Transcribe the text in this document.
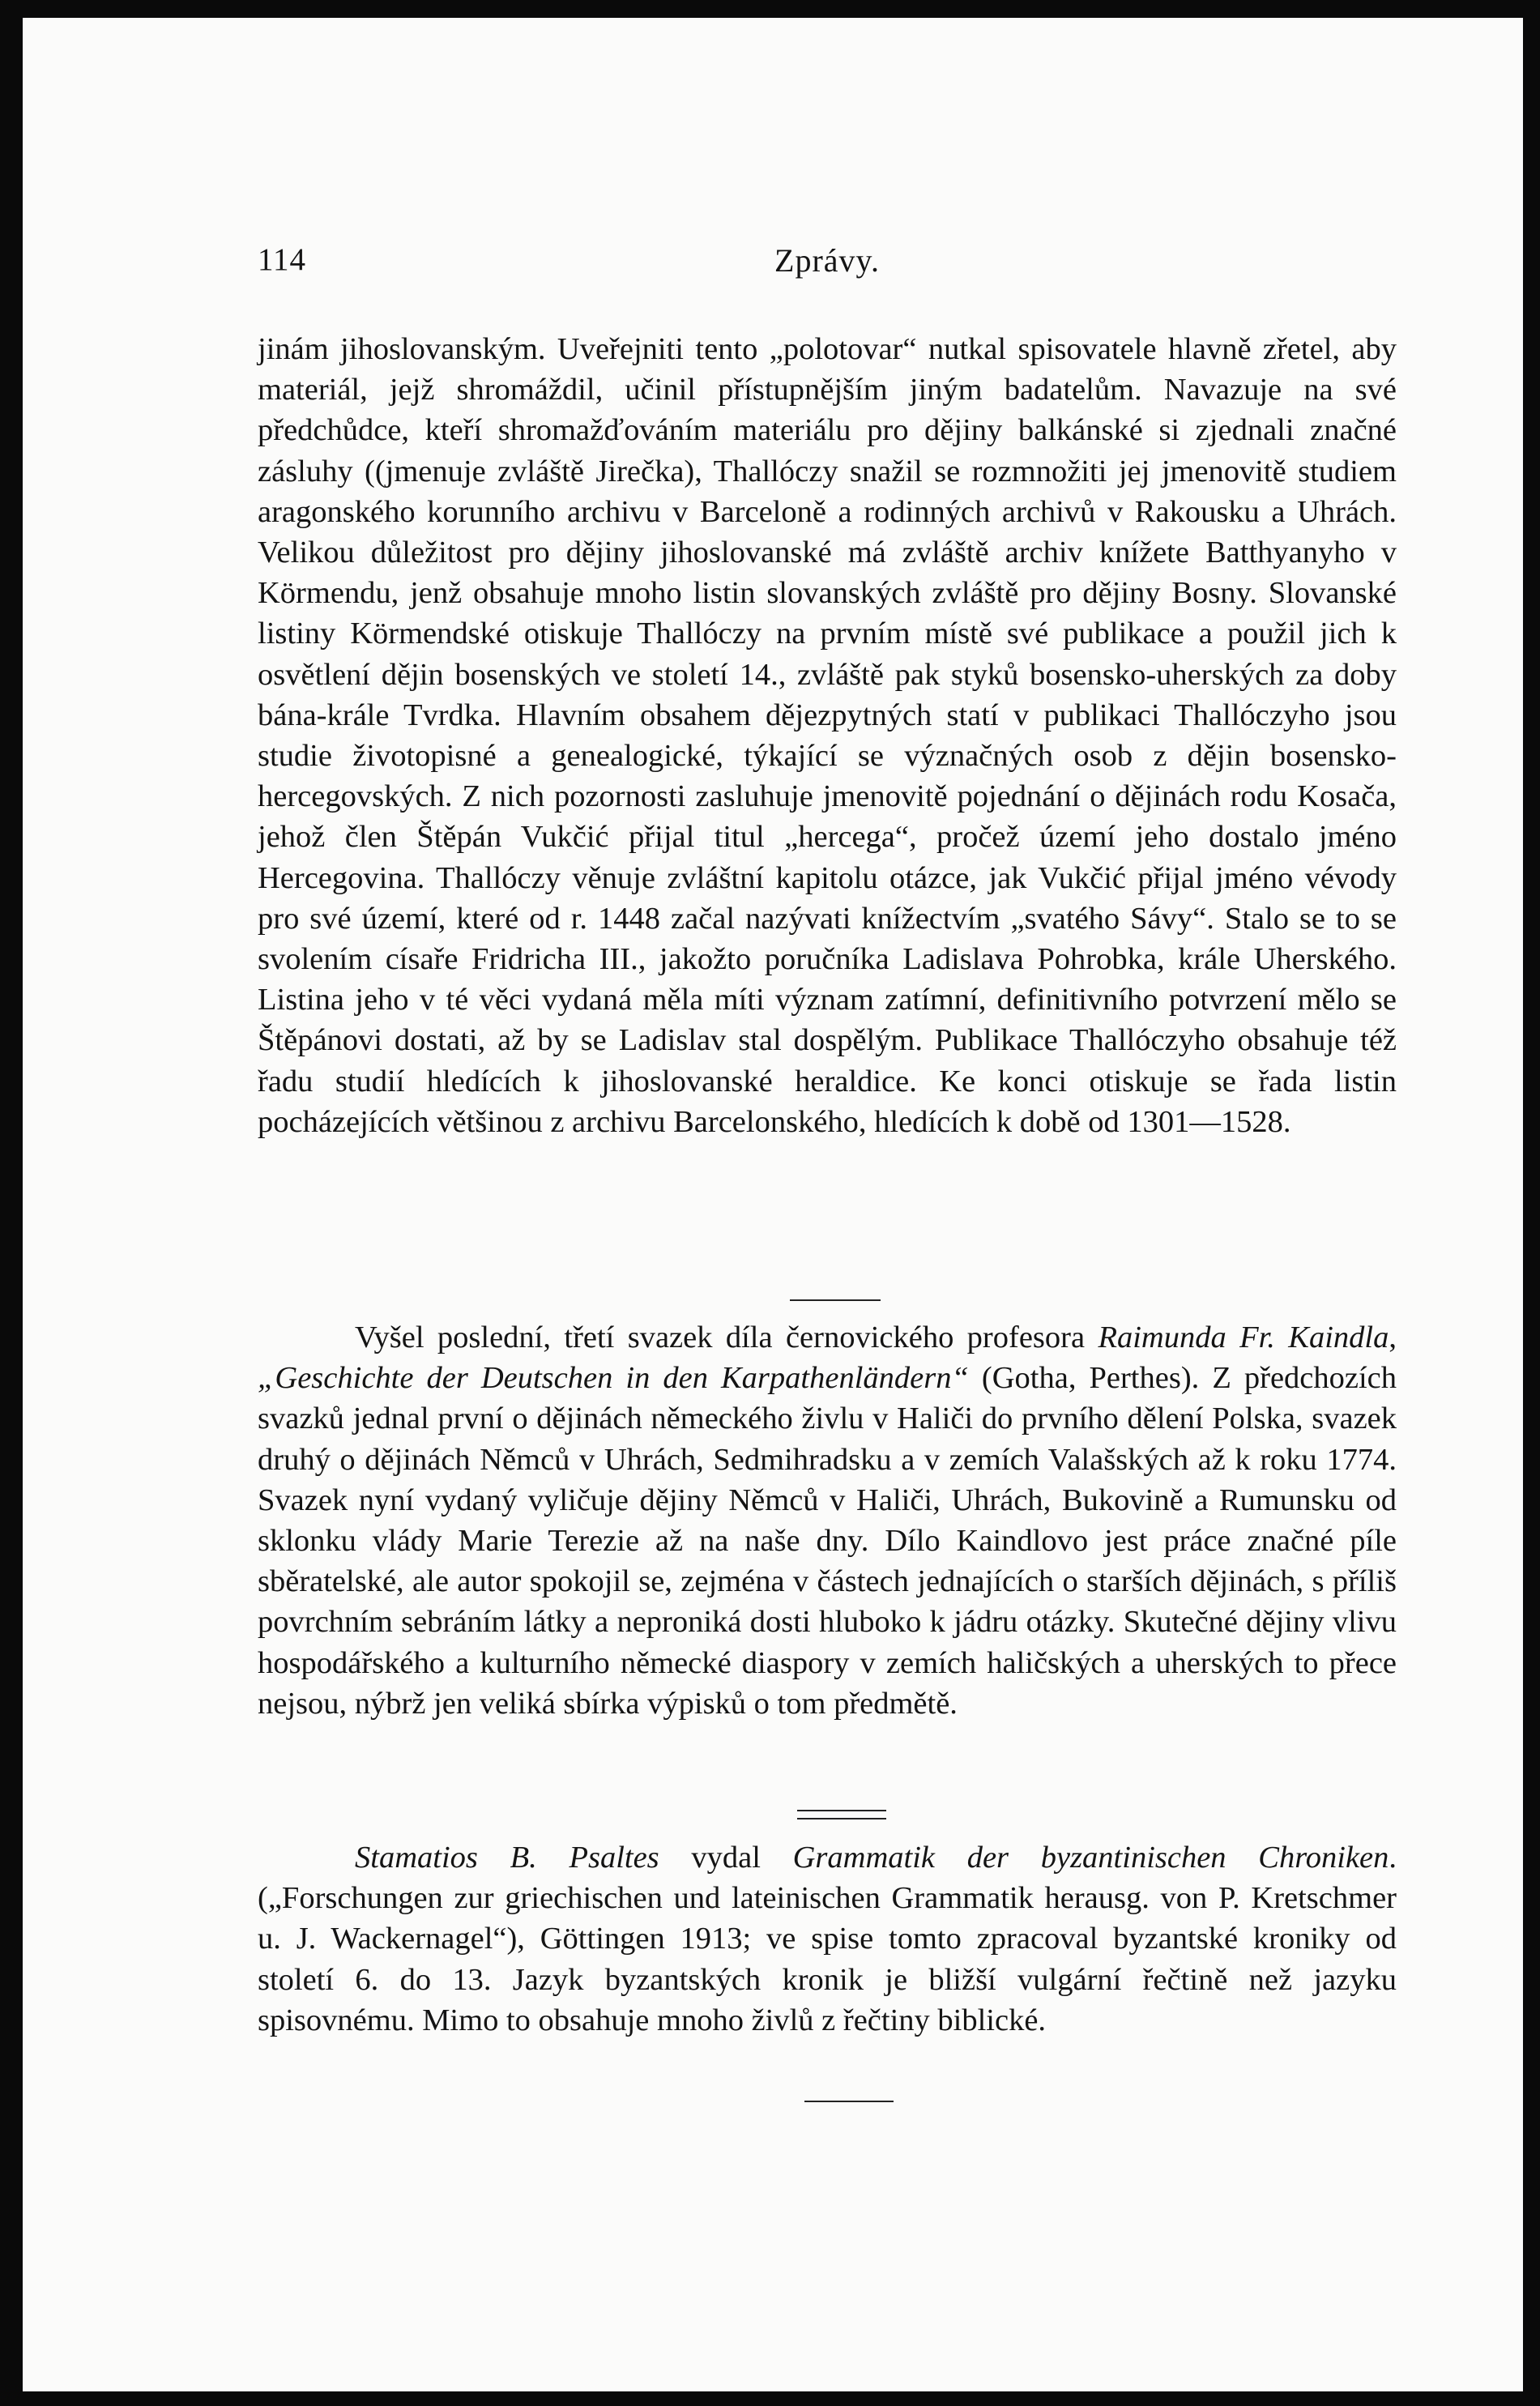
114	Zprávy.

jinám jihoslovanským. Uveřejniti tento „polotovar“ nutkal spisovatele hlavně zřetel, aby materiál, jejž shromáždil, učinil přístupnějším jiným badatelům. Navazuje na své předchůdce, kteří shromažďováním materiálu pro dějiny balkánské si zjednali značné zásluhy ((jmenuje zvláště Jirečka), Thallóczy snažil se rozmnožiti jej jmenovitě studiem aragonského korunního archivu v Barceloně a rodinných archivů v Rakousku a Uhrách. Velikou důležitost pro dějiny jihoslovanské má zvláště archiv knížete Batthyanyho v Körmendu, jenž obsahuje mnoho listin slovanských zvláště pro dějiny Bosny. Slovanské listiny Körmendské otiskuje Thallóczy na prvním místě své publikace a použil jich k osvětlení dějin bosenských ve století 14., zvláště pak styků bosensko-uherských za doby bána-krále Tvrdka. Hlavním obsahem dějezpytných statí v publikaci Thallóczyho jsou studie životopisné a genealogické, týkající se význačných osob z dějin bosensko-hercegovských. Z nich pozornosti zasluhuje jmenovitě pojednání o dějinách rodu Kosača, jehož člen Štěpán Vukčić přijal titul „hercega“, pročež území jeho dostalo jméno Hercegovina. Thallóczy věnuje zvláštní kapitolu otázce, jak Vukčić přijal jméno vévody pro své území, které od r. 1448 začal nazývati knížectvím „svatého Sávy“. Stalo se to se svolením císaře Fridricha III., jakožto poručníka Ladislava Pohrobka, krále Uherského. Listina jeho v té věci vydaná měla míti význam zatímní, definitivního potvrzení mělo se Štěpánovi dostati, až by se Ladislav stal dospělým. Publikace Thallóczyho obsahuje též řadu studií hledících k jihoslovanské heraldice. Ke konci otiskuje se řada listin pocházejících většinou z archivu Barcelonského, hledících k době od 1301—1528.

Vyšel poslední, třetí svazek díla černovického profesora Raimunda Fr. Kaindla, „Geschichte der Deutschen in den Karpathenländern“ (Gotha, Perthes). Z předchozích svazků jednal první o dějinách německého živlu v Haliči do prvního dělení Polska, svazek druhý o dějinách Němců v Uhrách, Sedmihradsku a v zemích Valašských až k roku 1774. Svazek nyní vydaný vyličuje dějiny Němců v Haliči, Uhrách, Bukovině a Rumunsku od sklonku vlády Marie Terezie až na naše dny. Dílo Kaindlovo jest práce značné píle sběratelské, ale autor spokojil se, zejména v částech jednajících o starších dějinách, s příliš povrchním sebráním látky a neproniká dosti hluboko k jádru otázky. Skutečné dějiny vlivu hospodářského a kulturního německé diaspory v zemích haličských a uherských to přece nejsou, nýbrž jen veliká sbírka výpisků o tom předmětě.

Stamatios B. Psaltes vydal Grammatik der byzantinischen Chroniken. („Forschungen zur griechischen und lateinischen Grammatik herausg. von P. Kretschmer u. J. Wackernagel“), Göttingen 1913; ve spise tomto zpracoval byzantské kroniky od století 6. do 13. Jazyk byzantských kronik je bližší vulgární řečtině než jazyku spisovnému. Mimo to obsahuje mnoho živlů z řečtiny biblické.
